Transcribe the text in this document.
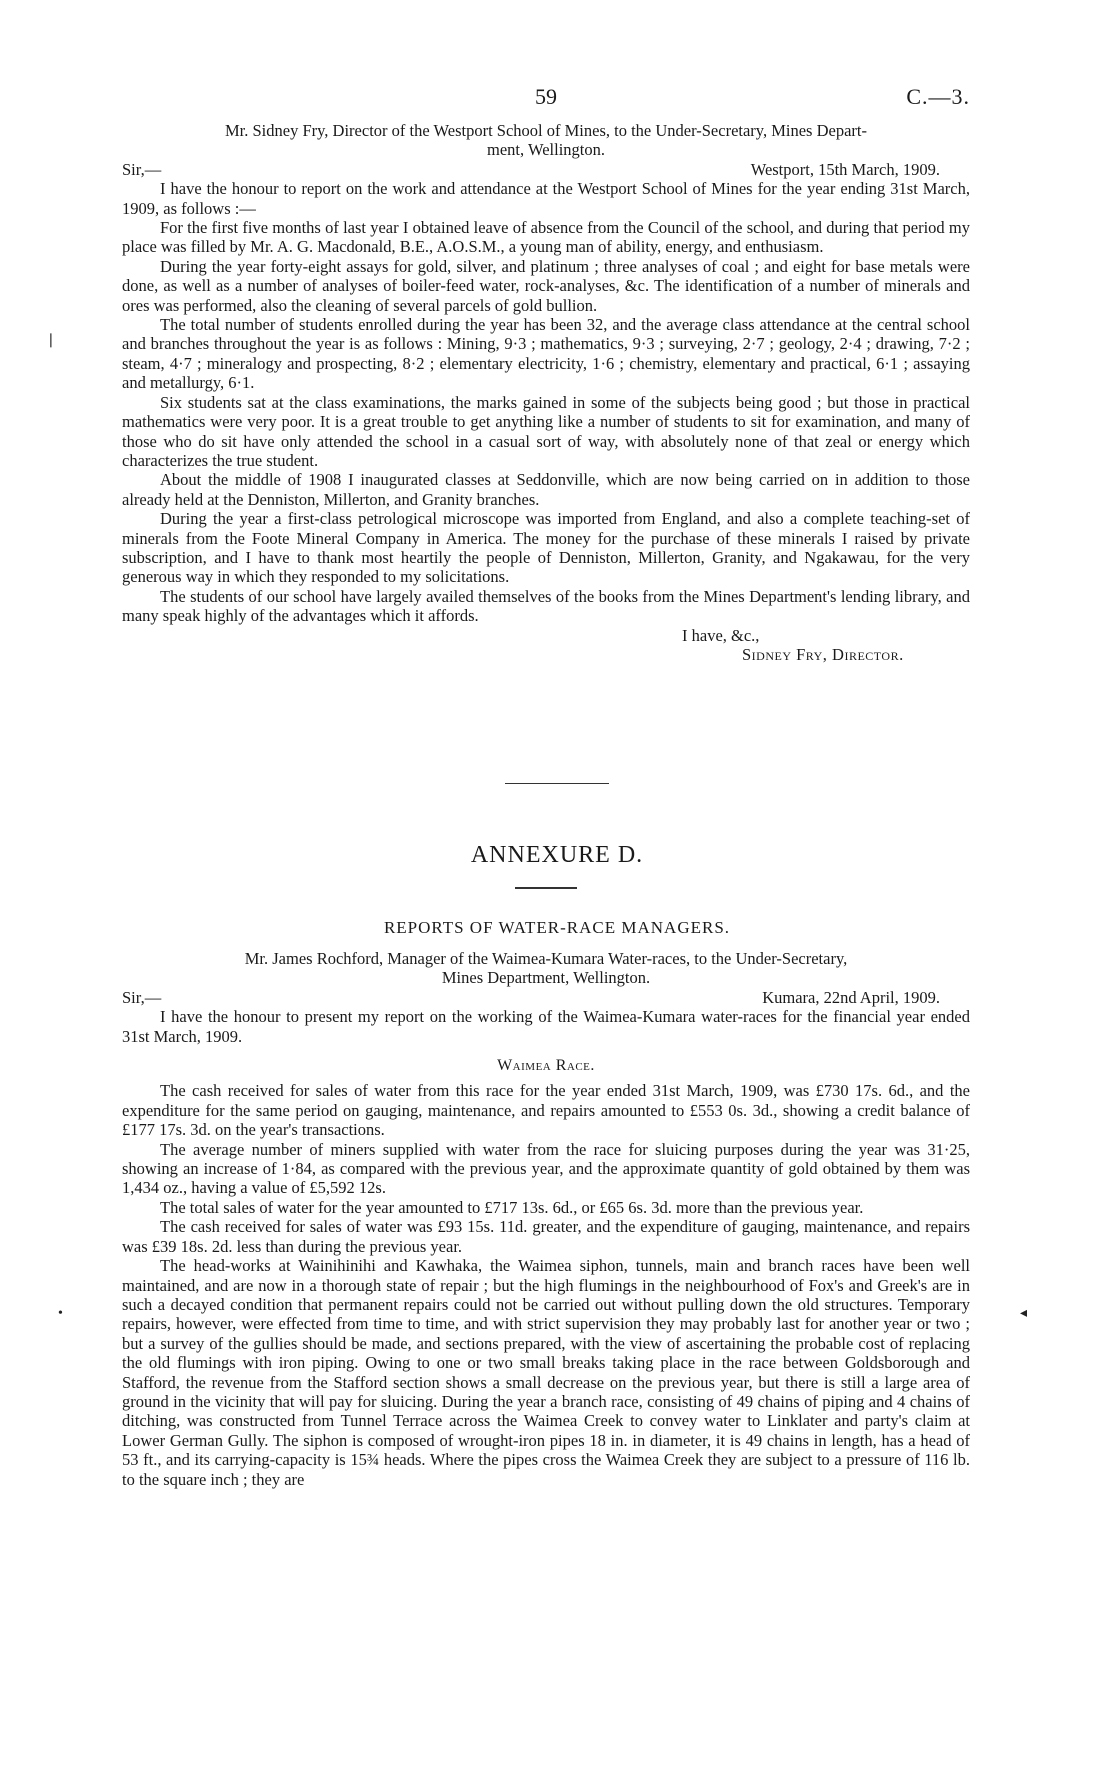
59	C.—3.

Mr. Sidney Fry, Director of the Westport School of Mines, to the Under-Secretary, Mines Depart-

ment, Wellington.

Sir,—	Westport, 15th March, 1909.

I have the honour to report on the work and attendance at the Westport School of Mines for the year ending 31st March, 1909, as follows :—

For the first five months of last year I obtained leave of absence from the Council of the school, and during that period my place was filled by Mr. A. G. Macdonald, B.E., A.O.S.M., a young man of ability, energy, and enthusiasm.

During the year forty-eight assays for gold, silver, and platinum ; three analyses of coal ; and eight for base metals were done, as well as a number of analyses of boiler-feed water, rock-analyses, &c. The identification of a number of minerals and ores was performed, also the cleaning of several parcels of gold bullion.

The total number of students enrolled during the year has been 32, and the average class attendance at the central school and branches throughout the year is as follows : Mining, 9·3 ; mathematics, 9·3 ; surveying, 2·7 ; geology, 2·4 ; drawing, 7·2 ; steam, 4·7 ; mineralogy and prospecting, 8·2 ; elementary electricity, 1·6 ; chemistry, elementary and practical, 6·1 ; assaying and metallurgy, 6·1.

Six students sat at the class examinations, the marks gained in some of the subjects being good ; but those in practical mathematics were very poor. It is a great trouble to get anything like a number of students to sit for examination, and many of those who do sit have only attended the school in a casual sort of way, with absolutely none of that zeal or energy which characterizes the true student.

About the middle of 1908 I inaugurated classes at Seddonville, which are now being carried on in addition to those already held at the Denniston, Millerton, and Granity branches.

During the year a first-class petrological microscope was imported from England, and also a complete teaching-set of minerals from the Foote Mineral Company in America. The money for the purchase of these minerals I raised by private subscription, and I have to thank most heartily the people of Denniston, Millerton, Granity, and Ngakawau, for the very generous way in which they responded to my solicitations.

The students of our school have largely availed themselves of the books from the Mines Department's lending library, and many speak highly of the advantages which it affords.

I have, &c.,

Sidney Fry, Director.

ANNEXURE D.
REPORTS OF WATER-RACE MANAGERS.

Mr. James Rochford, Manager of the Waimea-Kumara Water-races, to the Under-Secretary,

Mines Department, Wellington.

Sir,—	Kumara, 22nd April, 1909.

I have the honour to present my report on the working of the Waimea-Kumara water-races for the financial year ended 31st March, 1909.

Waimea Race.

The cash received for sales of water from this race for the year ended 31st March, 1909, was £730 17s. 6d., and the expenditure for the same period on gauging, maintenance, and repairs amounted to £553 0s. 3d., showing a credit balance of £177 17s. 3d. on the year's transactions.

The average number of miners supplied with water from the race for sluicing purposes during the year was 31·25, showing an increase of 1·84, as compared with the previous year, and the approximate quantity of gold obtained by them was 1,434 oz., having a value of £5,592 12s.

The total sales of water for the year amounted to £717 13s. 6d., or £65 6s. 3d. more than the previous year.

The cash received for sales of water was £93 15s. 11d. greater, and the expenditure of gauging, maintenance, and repairs was £39 18s. 2d. less than during the previous year.

The head-works at Wainihinihi and Kawhaka, the Waimea siphon, tunnels, main and branch races have been well maintained, and are now in a thorough state of repair ; but the high flumings in the neighbourhood of Fox's and Greek's are in such a decayed condition that permanent repairs could not be carried out without pulling down the old structures. Temporary repairs, however, were effected from time to time, and with strict supervision they may probably last for another year or two ; but a survey of the gullies should be made, and sections prepared, with the view of ascertaining the probable cost of replacing the old flumings with iron piping. Owing to one or two small breaks taking place in the race between Goldsborough and Stafford, the revenue from the Stafford section shows a small decrease on the previous year, but there is still a large area of ground in the vicinity that will pay for sluicing. During the year a branch race, consisting of 49 chains of piping and 4 chains of ditching, was constructed from Tunnel Terrace across the Waimea Creek to convey water to Linklater and party's claim at Lower German Gully. The siphon is composed of wrought-iron pipes 18 in. in diameter, it is 49 chains in length, has a head of 53 ft., and its carrying-capacity is 15¾ heads. Where the pipes cross the Waimea Creek they are subject to a pressure of 116 lb. to the square inch ; they are

❘
•	◂
